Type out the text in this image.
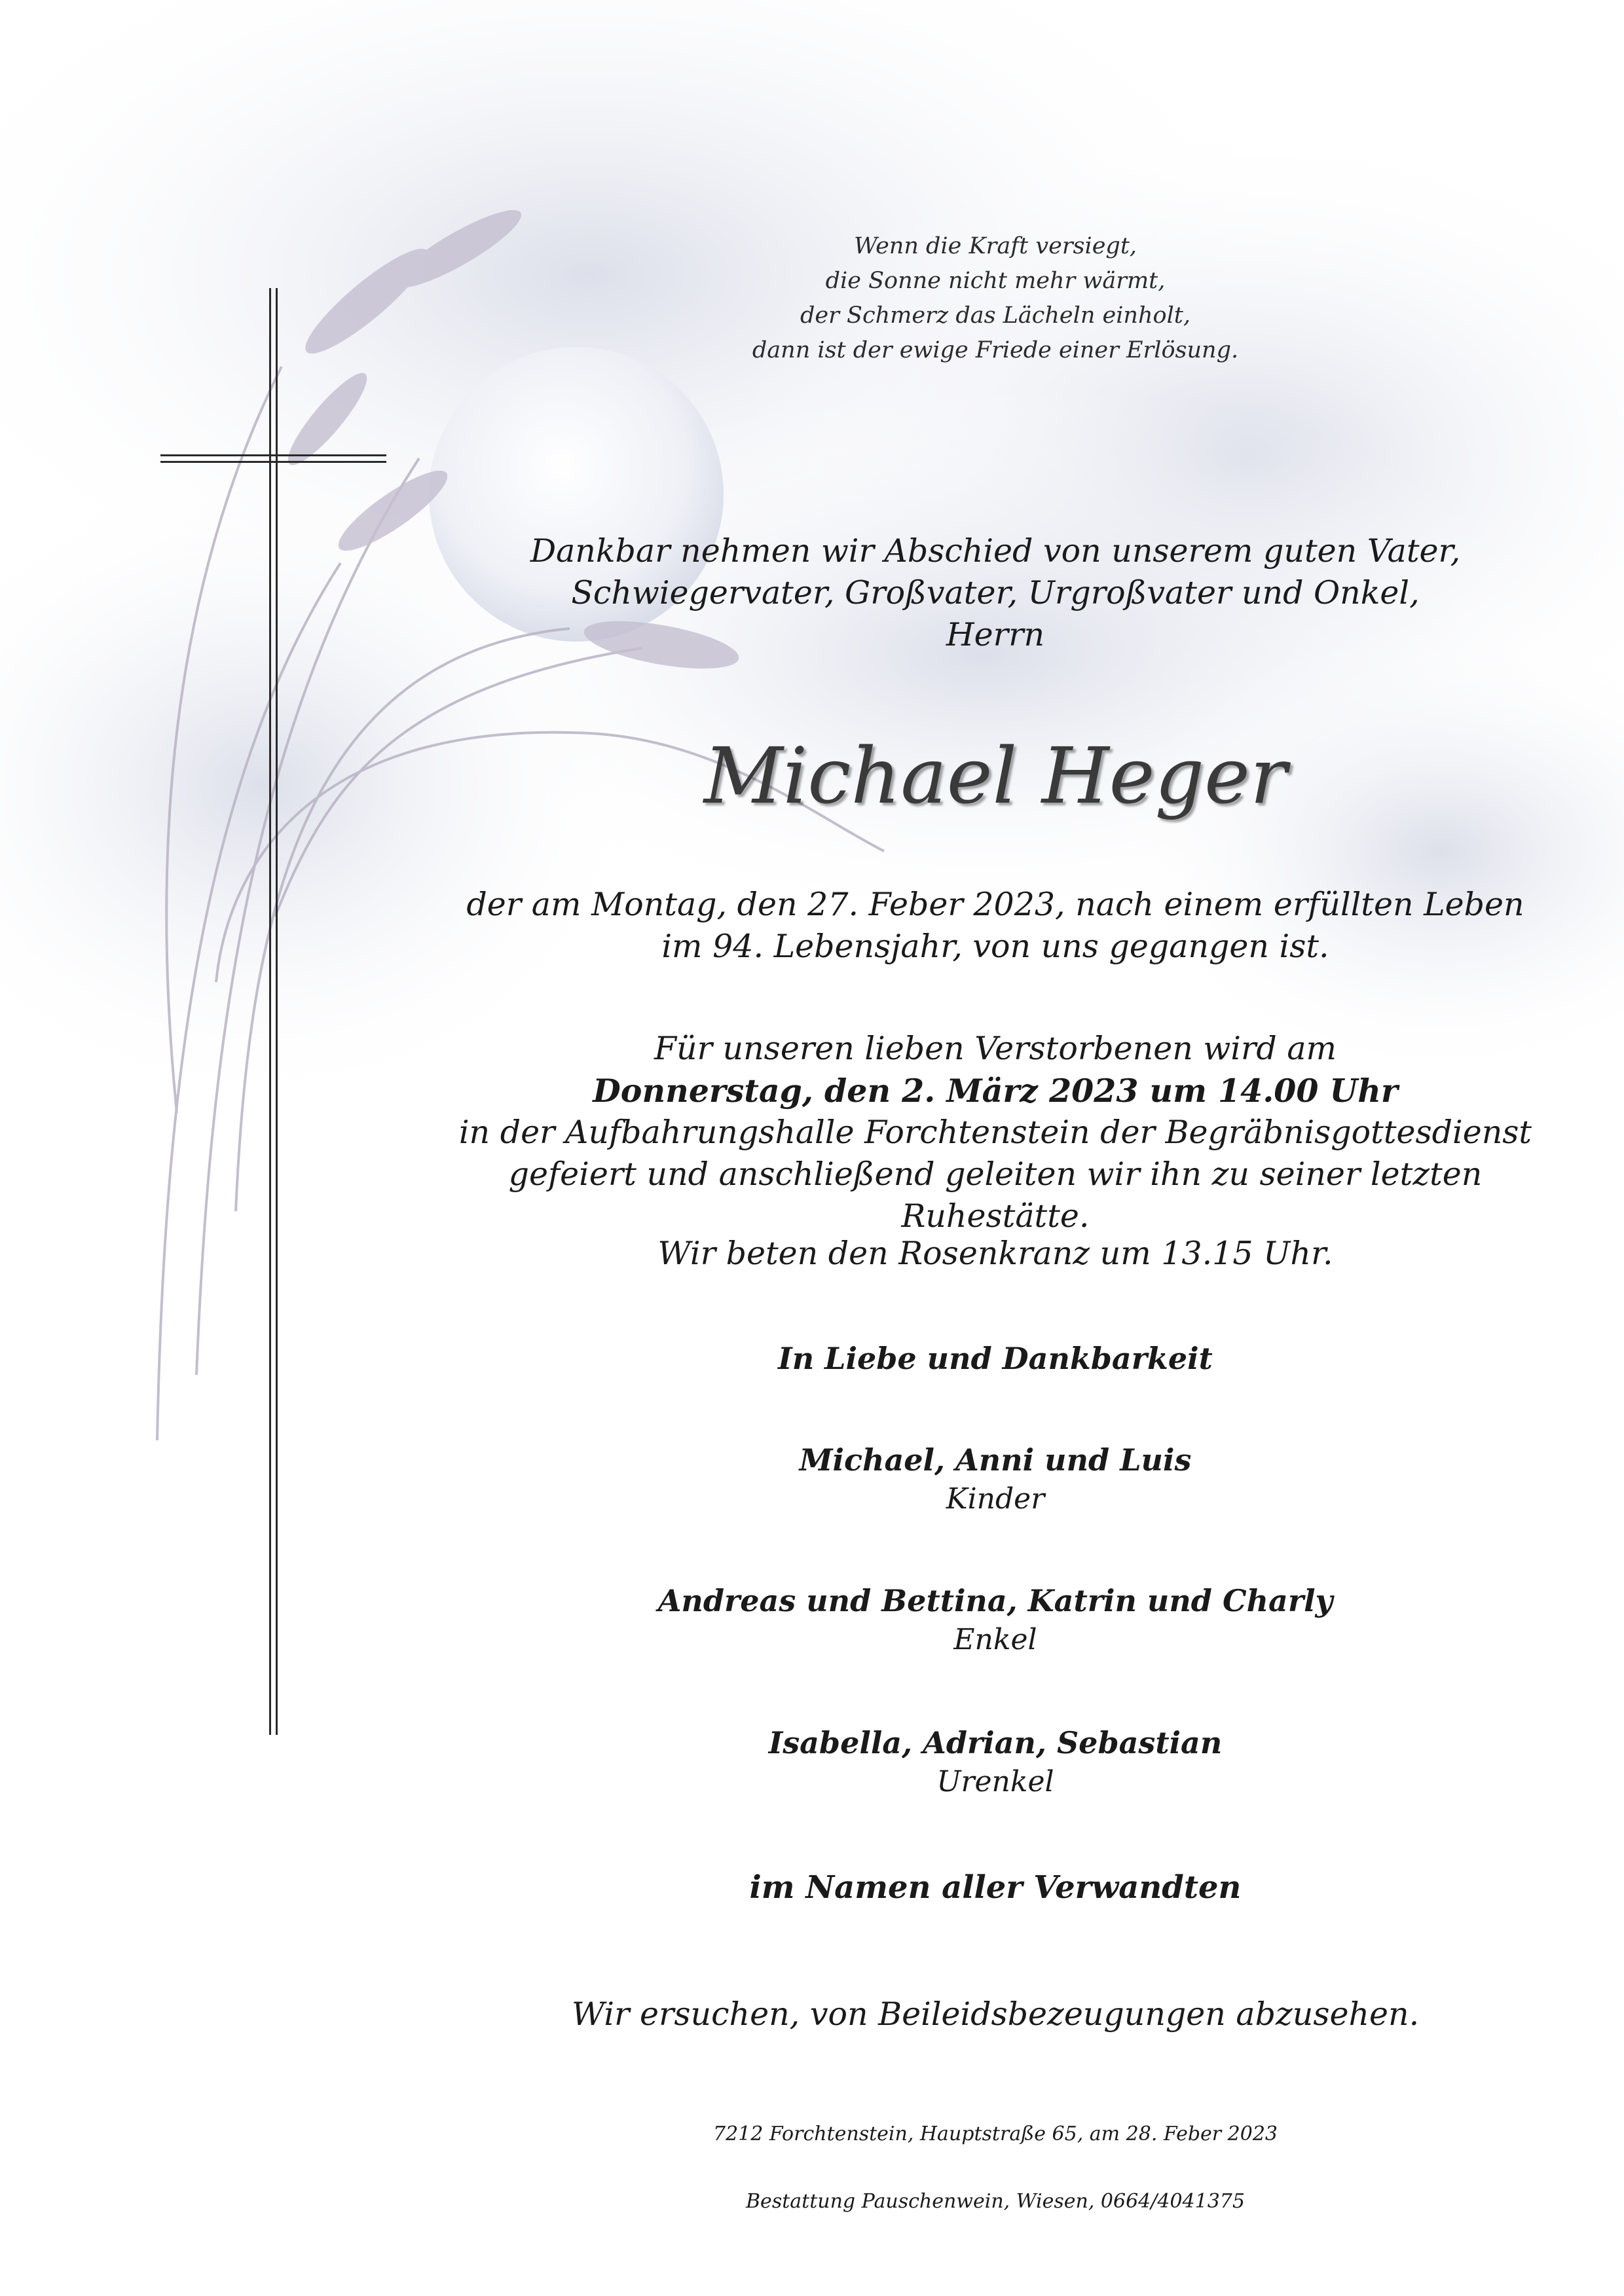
Wenn die Kraft versiegt,
die Sonne nicht mehr wärmt,
der Schmerz das Lächeln einholt,
dann ist der ewige Friede einer Erlösung.
Dankbar nehmen wir Abschied von unserem guten Vater,
Schwiegervater, Großvater, Urgroßvater und Onkel,
Herrn
Michael Heger
der am Montag, den 27. Feber 2023, nach einem erfüllten Leben
im 94. Lebensjahr, von uns gegangen ist.
Für unseren lieben Verstorbenen wird am
Donnerstag, den 2. März 2023 um 14.00 Uhr
in der Aufbahrungshalle Forchtenstein der Begräbnisgottesdienst
gefeiert und anschließend geleiten wir ihn zu seiner letzten Ruhestätte.
Wir beten den Rosenkranz um 13.15 Uhr.
In Liebe und Dankbarkeit
Michael, Anni und Luis
Kinder
Andreas und Bettina, Katrin und Charly
Enkel
Isabella, Adrian, Sebastian
Urenkel
im Namen aller Verwandten
Wir ersuchen, von Beileidsbezeugungen abzusehen.
7212 Forchtenstein, Hauptstraße 65, am 28. Feber 2023
Bestattung Pauschenwein, Wiesen, 0664/4041375
